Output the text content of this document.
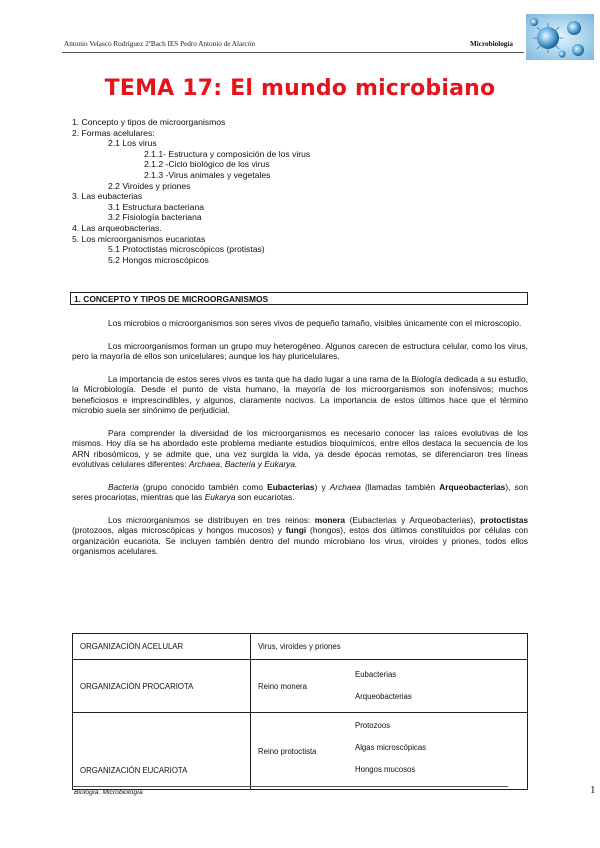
Antonio Velasco Rodríguez 2ºBach IES Pedro Antonio de Alarcón	Microbiología
TEMA 17: El mundo microbiano
1. Concepto y tipos de microorganismos
2. Formas acelulares:
2.1 Los virus
2.1.1- Estructura y composición de los virus
2.1.2 -Ciclo biológico de los virus
2.1.3 -Virus animales y vegetales
2.2 Viroides y priones
3. Las eubacterias
3.1 Estructura bacteriana
3.2 Fisiología bacteriana
4. Las arqueobacterias.
5. Los microorganismos eucariotas
5.1 Protoctistas microscópicos (protistas)
5.2 Hongos microscópicos
1. CONCEPTO Y TIPOS DE MICROORGANISMOS

Los microbios o microorganismos son seres vivos de pequeño tamaño, visibles únicamente con el microscopio.

Los microorganismos forman un grupo muy heterogéneo. Algunos carecen de estructura celular, como los virus, pero la mayoría de ellos son unicelulares; aunque los hay pluricelulares.

La importancia de estos seres vivos es tanta que ha dado lugar a una rama de la Biología dedicada a su estudio, la Microbiología. Desde el punto de vista humano, la mayoría de los microorganismos son inofensivos; muchos beneficiosos e imprescindibles, y algunos, claramente nocivos. La importancia de estos últimos hace que el término microbio suela ser sinónimo de perjudicial.

Para comprender la diversidad de los microorganismos es necesario conocer las raíces evolutivas de los mismos. Hoy día se ha abordado este problema mediante estudios bioquímicos, entre ellos destaca la secuencia de los ARN ribosómicos, y se admite que, una vez surgida la vida, ya desde épocas remotas, se diferenciaron tres líneas evolutivas celulares diferentes: Archaea, Bacteria y Eukarya.

Bacteria (grupo conocido también como Eubacterias) y Archaea (llamadas también Arqueobacterias), son seres procariotas, mientras que las Eukarya son eucariotas.

Los microorganismos se distribuyen en tres reinos: monera (Eubacterias y Arqueobacterias), protoctistas (protozoos, algas microscópicas y hongos mucosos) y fungi (hongos), estos dos últimos constituidos por células con organización eucariota. Se incluyen también dentro del mundo microbiano los virus, viroides y priones, todos ellos organismos acelulares.

ORGANIZACIÓN ACELULAR	Virus, viroides y priones	
ORGANIZACIÓN PROCARIOTA	Reino monera	Eubacterias
Arqueobacterias

ORGANIZACIÓN EUCARIOTA	Reino protoctista	Protozoos
Algas microscópicas
Hongos mucosos
Biología. Microbiología	1
